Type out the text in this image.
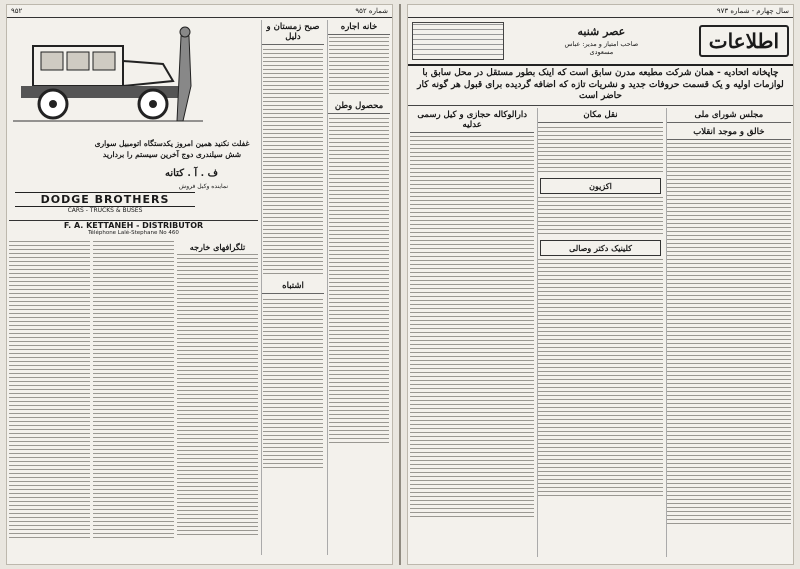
شماره ۹۵۲
۹۵۲
خانه اجاره
محصول وطن
صبح زمستان و دلیل
اشتباه
غفلت نکنید همین امروز یکدستگاه اتومبیل سواری شش سیلندری دوج آخرین سیستم را بردارید
ف . آ . کتانه
نماینده وکیل فروش
DODGE BROTHERS
CARS - TRUCKS & BUSES
F. A. KETTANEH - DISTRIBUTOR
Téléphone Lalé-Stephane No 460
تلگرافهای خارجه
سال چهارم - شماره ۹۷۳
اطلاعات
عصر شنبه
صاحب امتیاز و مدیر: عباس مسعودی
چاپخانه اتحادیه - همان شرکت مطبعه مدرن سابق است که اینک بطور مستقل در محل سابق با لوازمات اولیه و یک قسمت حروفات جدید و نشریات تازه که اضافه گردیده برای قبول هر گونه کار حاضر است
مجلس شورای ملی
خالق و موجد انقلاب
نقل مکان
اکزیون
کلینیک دکتر وصالی
دارالوکاله حجازی و کیل رسمی عدلیه
